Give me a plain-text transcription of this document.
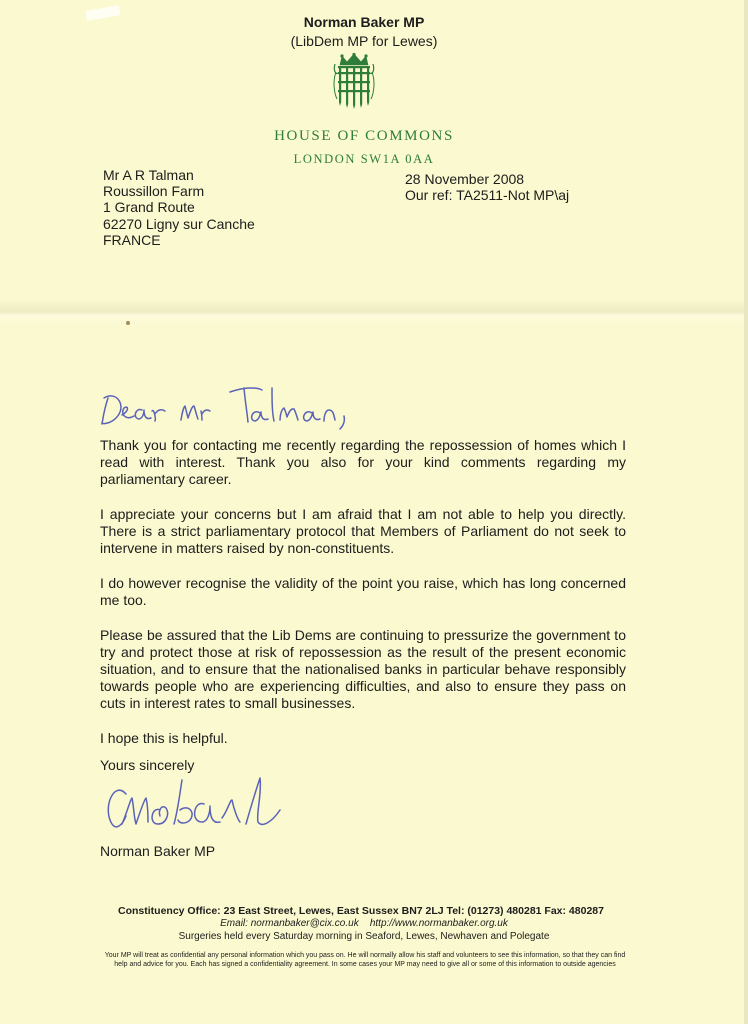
Norman Baker MP
(LibDem MP for Lewes)
HOUSE OF COMMONS
LONDON SW1A 0AA
Mr A R Talman
Roussillon Farm
1 Grand Route
62270 Ligny sur Canche
FRANCE
28 November 2008
Our ref: TA2511-Not MP\aj

Thank you for contacting me recently regarding the repossession of homes which I read with interest. Thank you also for your kind comments regarding my parliamentary career.

I appreciate your concerns but I am afraid that I am not able to help you directly. There is a strict parliamentary protocol that Members of Parliament do not seek to intervene in matters raised by non-constituents.

I do however recognise the validity of the point you raise, which has long concerned me too.

Please be assured that the Lib Dems are continuing to pressurize the government to try and protect those at risk of repossession as the result of the present economic situation, and to ensure that the nationalised banks in particular behave responsibly towards people who are experiencing difficulties, and also to ensure they pass on cuts in interest rates to small businesses.

I hope this is helpful.

Yours sincerely
Norman Baker MP
Constituency Office: 23 East Street, Lewes, East Sussex BN7 2LJ Tel: (01273) 480281 Fax: 480287
Email: normanbaker@cix.co.uk http://www.normanbaker.org.uk
Surgeries held every Saturday morning in Seaford, Lewes, Newhaven and Polegate
Your MP will treat as confidential any personal information which you pass on. He will normally allow his staff and volunteers to see this information, so that they can find help and advice for you. Each has signed a confidentiality agreement. In some cases your MP may need to give all or some of this information to outside agencies
